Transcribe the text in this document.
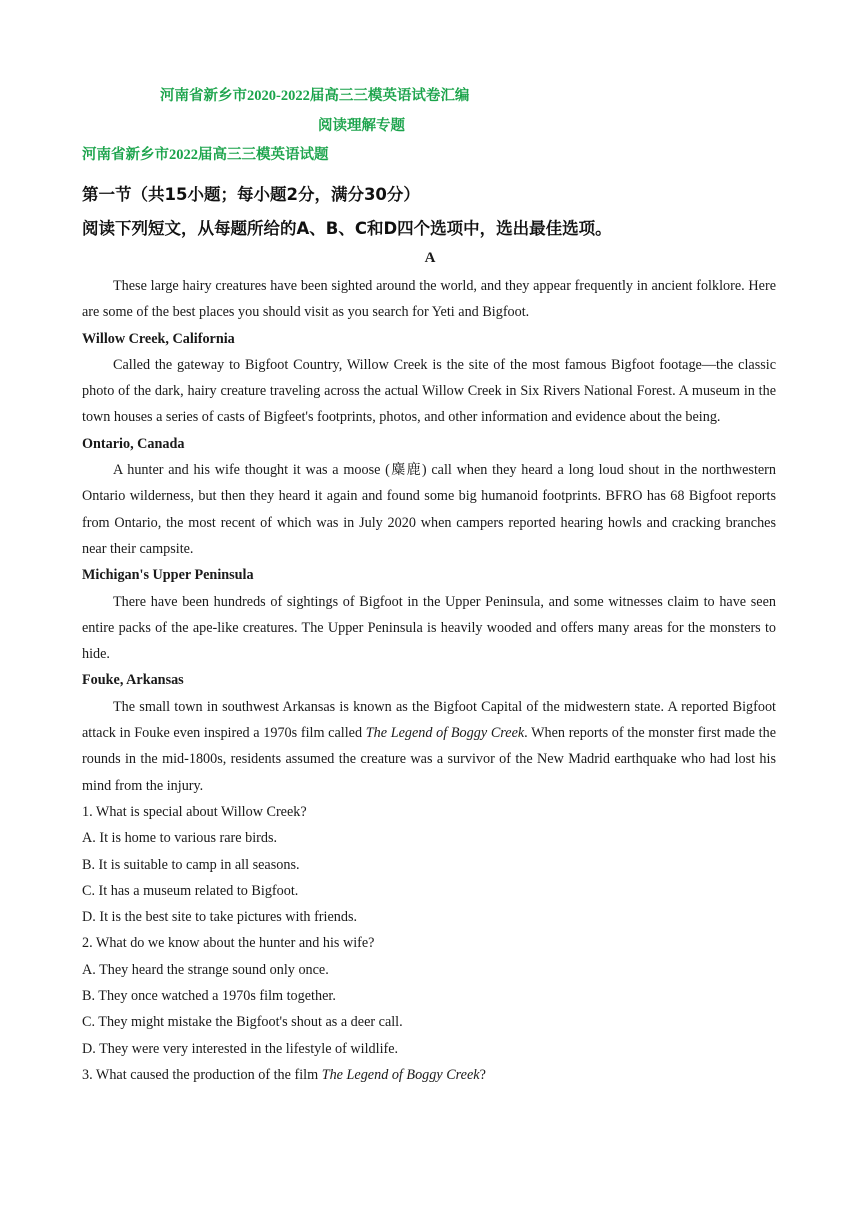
河南省新乡市2020-2022届高三三模英语试卷汇编
阅读理解专题
河南省新乡市2022届高三三模英语试题
第一节（共15小题；每小题2分，满分30分）
阅读下列短文，从每题所给的A、B、C和D四个选项中，选出最佳选项。
A

These large hairy creatures have been sighted around the world, and they appear frequently in ancient folklore. Here are some of the best places you should visit as you search for Yeti and Bigfoot.

Willow Creek, California

Called the gateway to Bigfoot Country, Willow Creek is the site of the most famous Bigfoot footage—the classic photo of the dark, hairy creature traveling across the actual Willow Creek in Six Rivers National Forest. A museum in the town houses a series of casts of Bigfeet's footprints, photos, and other information and evidence about the being.

Ontario, Canada

A hunter and his wife thought it was a moose (麋鹿) call when they heard a long loud shout in the northwestern Ontario wilderness, but then they heard it again and found some big humanoid footprints. BFRO has 68 Bigfoot reports from Ontario, the most recent of which was in July 2020 when campers reported hearing howls and cracking branches near their campsite.

Michigan's Upper Peninsula

There have been hundreds of sightings of Bigfoot in the Upper Peninsula, and some witnesses claim to have seen entire packs of the ape-like creatures. The Upper Peninsula is heavily wooded and offers many areas for the monsters to hide.

Fouke, Arkansas

The small town in southwest Arkansas is known as the Bigfoot Capital of the midwestern state. A reported Bigfoot attack in Fouke even inspired a 1970s film called The Legend of Boggy Creek. When reports of the monster first made the rounds in the mid-1800s, residents assumed the creature was a survivor of the New Madrid earthquake who had lost his mind from the injury.

1. What is special about Willow Creek?

A. It is home to various rare birds.

B. It is suitable to camp in all seasons.

C. It has a museum related to Bigfoot.

D. It is the best site to take pictures with friends.

2. What do we know about the hunter and his wife?

A. They heard the strange sound only once.

B. They once watched a 1970s film together.

C. They might mistake the Bigfoot's shout as a deer call.

D. They were very interested in the lifestyle of wildlife.

3. What caused the production of the film The Legend of Boggy Creek?
